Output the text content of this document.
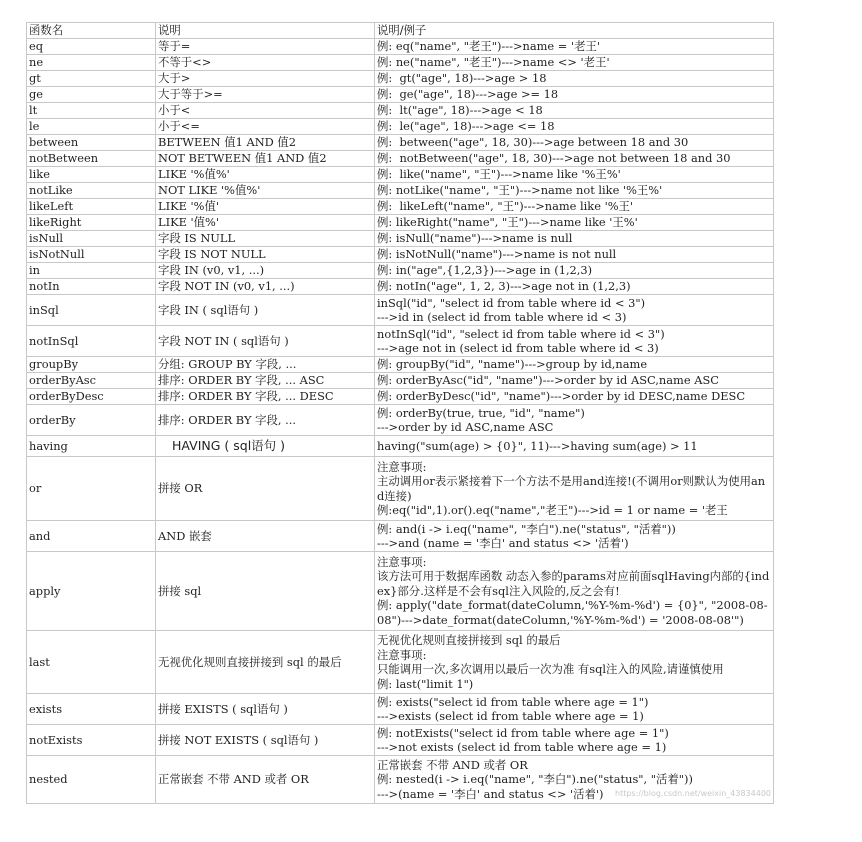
函数名	说明	说明/例子
eq	等于=	例: eq("name", "老王")--->name = '老王'
ne	不等于<>	例: ne("name", "老王")--->name <> '老王'
gt	大于>	例:  gt("age", 18)--->age > 18
ge	大于等于>=	例:  ge("age", 18)--->age >= 18
lt	小于<	例:  lt("age", 18)--->age < 18
le	小于<=	例:  le("age", 18)--->age <= 18
between	BETWEEN 值1 AND 值2	例:  between("age", 18, 30)--->age between 18 and 30
notBetween	NOT BETWEEN 值1 AND 值2	例:  notBetween("age", 18, 30)--->age not between 18 and 30
like	LIKE '%值%'	例:  like("name", "王")--->name like '%王%'
notLike	NOT LIKE '%值%'	例: notLike("name", "王")--->name not like '%王%'
likeLeft	LIKE '%值'	例:  likeLeft("name", "王")--->name like '%王'
likeRight	LIKE '值%'	例: likeRight("name", "王")--->name like '王%'
isNull	字段 IS NULL	例: isNull("name")--->name is null
isNotNull	字段 IS NOT NULL	例: isNotNull("name")--->name is not null
in	字段 IN (v0, v1, ...)	例: in("age",{1,2,3})--->age in (1,2,3)
notIn	字段 NOT IN (v0, v1, ...)	例: notIn("age", 1, 2, 3)--->age not in (1,2,3)
inSql	字段 IN ( sql语句 )	inSql("id", "select id from table where id < 3")
--->id in (select id from table where id < 3)
notInSql	字段 NOT IN ( sql语句 )	notInSql("id", "select id from table where id < 3")
--->age not in (select id from table where id < 3)
groupBy	分组: GROUP BY 字段, ...	例: groupBy("id", "name")--->group by id,name
orderByAsc	排序: ORDER BY 字段, ... ASC	例: orderByAsc("id", "name")--->order by id ASC,name ASC
orderByDesc	排序: ORDER BY 字段, ... DESC	例: orderByDesc("id", "name")--->order by id DESC,name DESC
orderBy	排序: ORDER BY 字段, ...	例: orderBy(true, true, "id", "name")
--->order by id ASC,name ASC
having	HAVING ( sql语句 )	having("sum(age) > {0}", 11)--->having sum(age) > 11
or	拼接 OR	注意事项:
主动调用or表示紧接着下一个方法不是用and连接!(不调用or则默认为使用and连接)
例:eq("id",1).or().eq("name","老王")--->id = 1 or name = '老王
and	AND 嵌套	例: and(i -> i.eq("name", "李白").ne("status", "活着"))
--->and (name = '李白' and status <> '活着')
apply	拼接 sql	注意事项:
该方法可用于数据库函数 动态入参的params对应前面sqlHaving内部的{index}部分.这样是不会有sql注入风险的,反之会有!
例: apply("date_format(dateColumn,'%Y-%m-%d') = {0}", "2008-08-08")--->date_format(dateColumn,'%Y-%m-%d') = '2008-08-08'")
last	无视优化规则直接拼接到 sql 的最后	无视优化规则直接拼接到 sql 的最后
注意事项:
只能调用一次,多次调用以最后一次为准 有sql注入的风险,请谨慎使用
例: last("limit 1")
exists	拼接 EXISTS ( sql语句 )	例: exists("select id from table where age = 1")
--->exists (select id from table where age = 1)
notExists	拼接 NOT EXISTS ( sql语句 )	例: notExists("select id from table where age = 1")
--->not exists (select id from table where age = 1)
nested	正常嵌套 不带 AND 或者 OR	正常嵌套 不带 AND 或者 OR
例: nested(i -> i.eq("name", "李白").ne("status", "活着"))
--->(name = '李白' and status <> '活着') https://blog.csdn.net/weixin_43834400
